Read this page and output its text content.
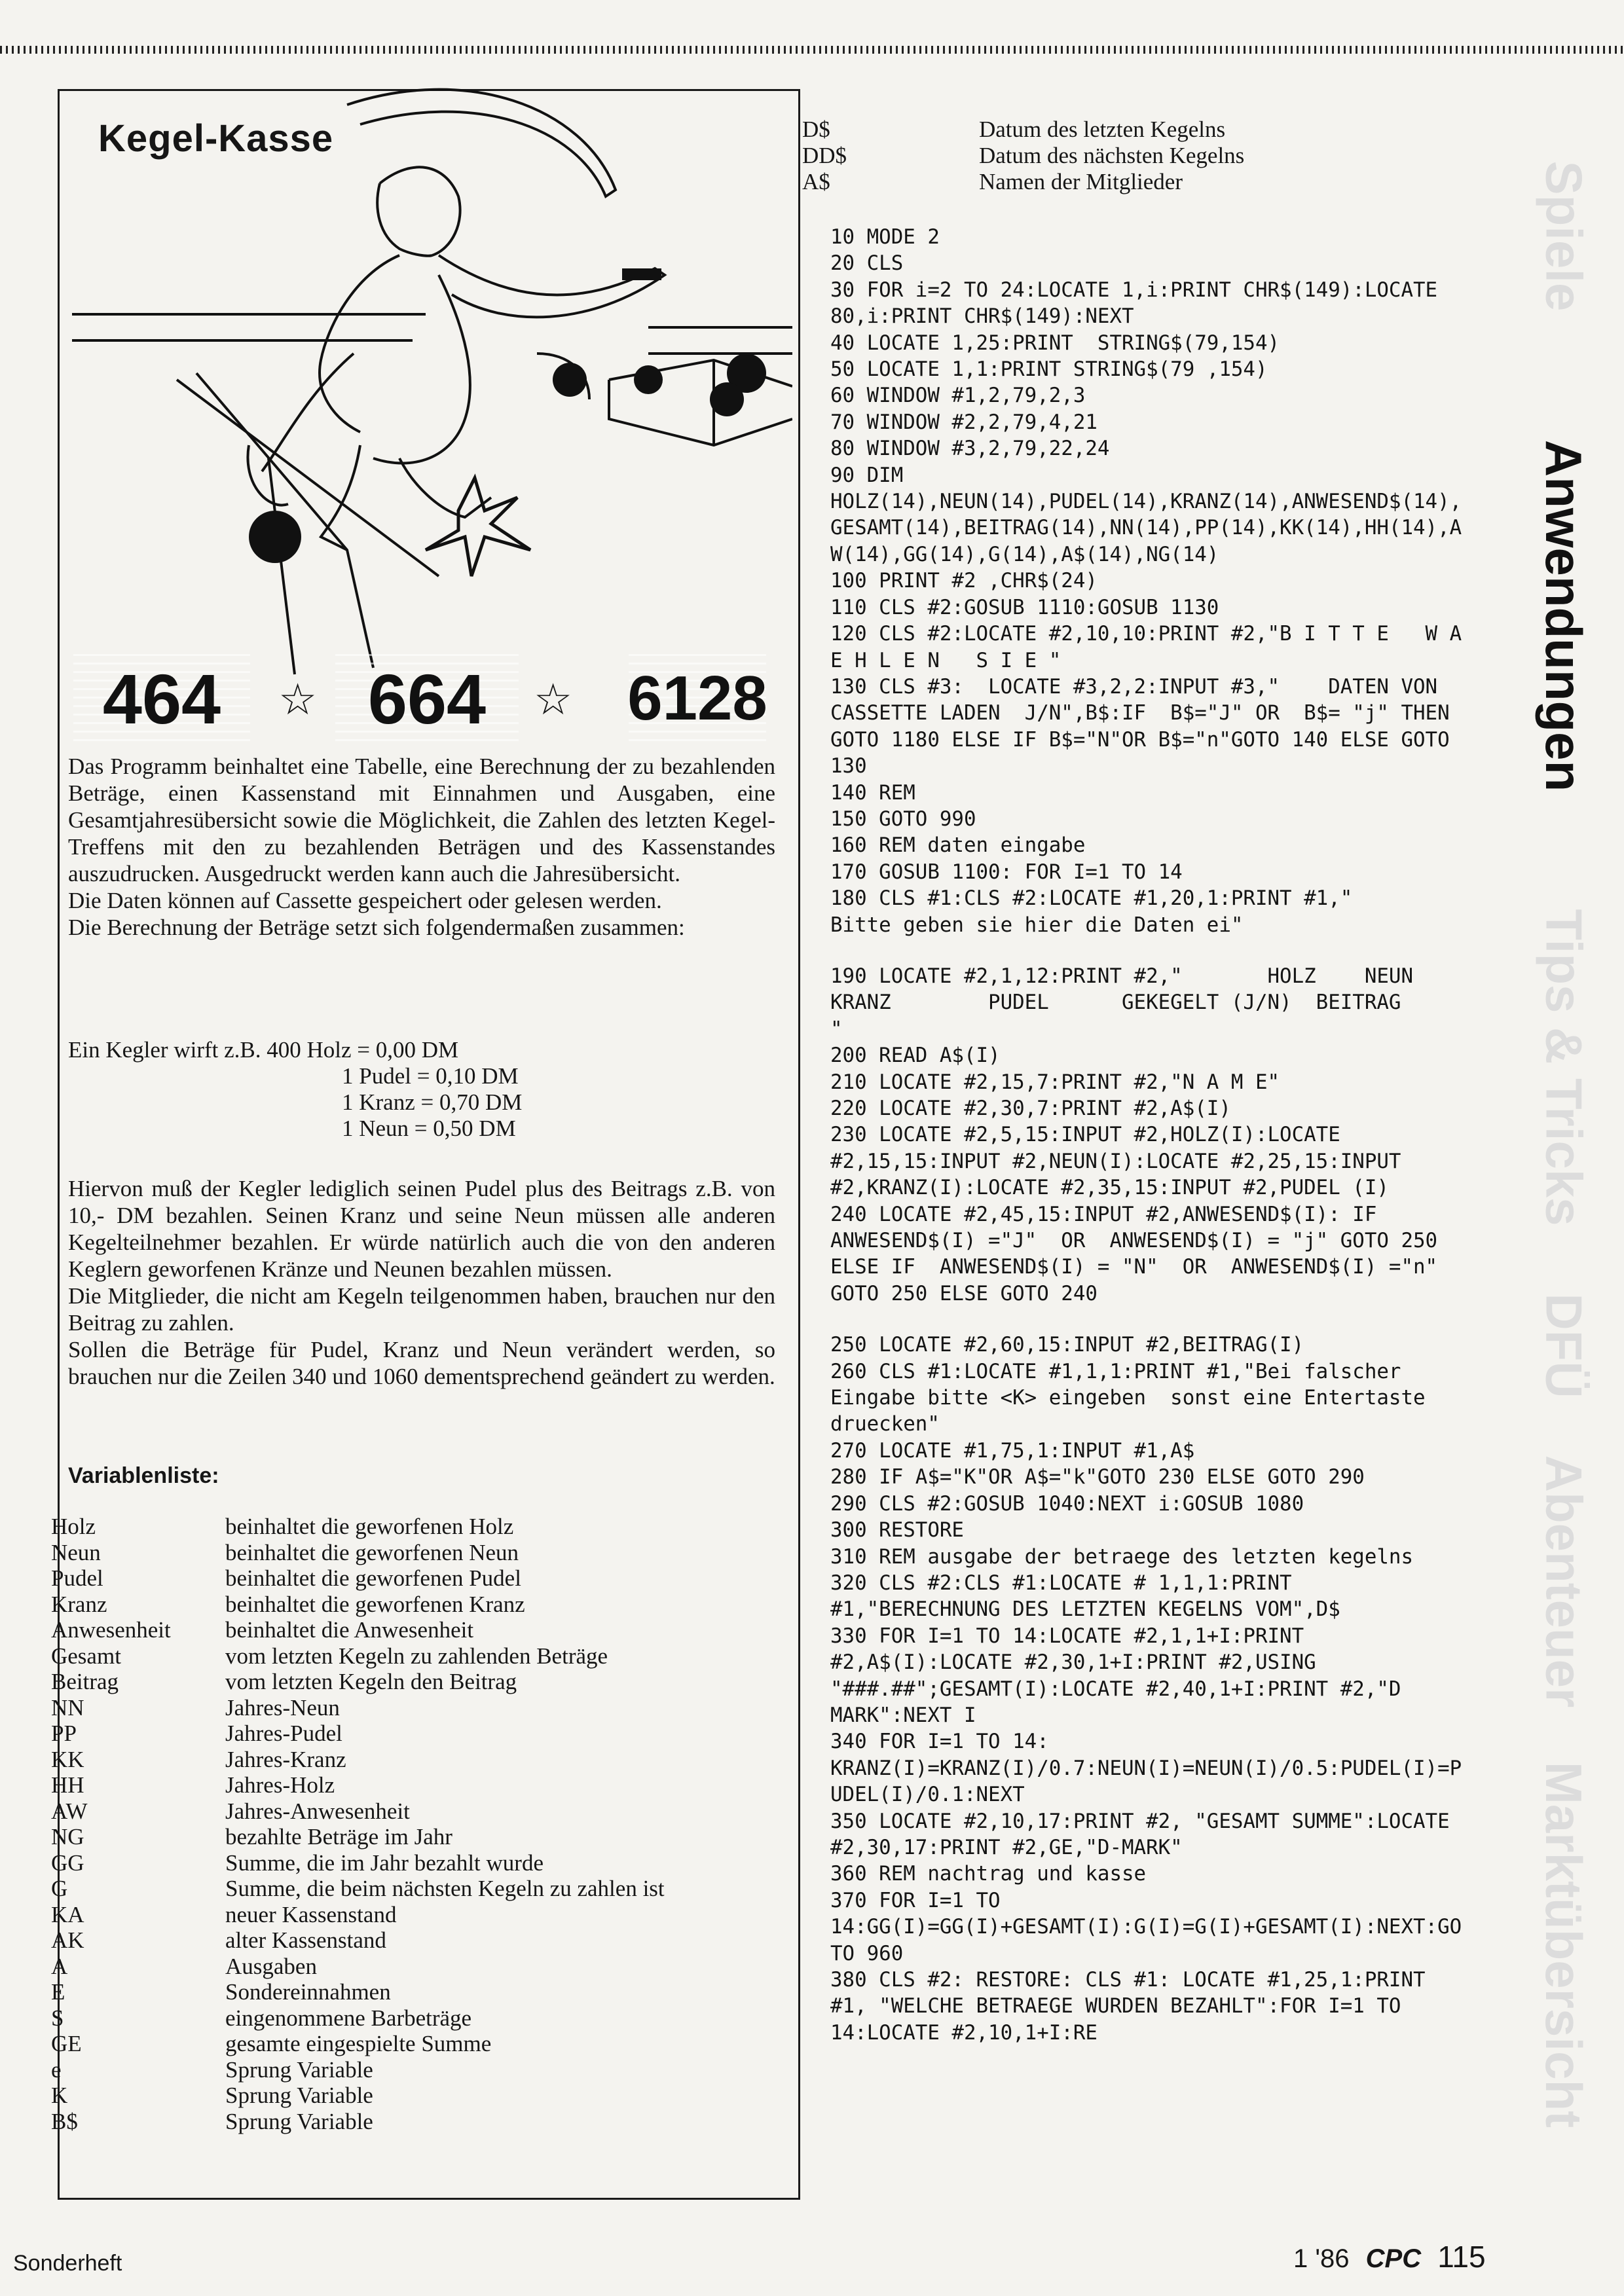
Kegel-Kasse
464	☆ 664	☆ 6128

Das Programm beinhaltet eine Tabelle, eine Berechnung der zu bezahlenden Beträge, einen Kassenstand mit Einnahmen und Ausgaben, eine Gesamtjahresübersicht sowie die Möglichkeit, die Zahlen des letzten Kegel-Treffens mit den zu bezahlenden Beträgen und des Kassenstandes auszudrucken. Ausgedruckt werden kann auch die Jahresübersicht.

Die Daten können auf Cassette gespeichert oder gelesen werden.

Die Berechnung der Beträge setzt sich folgendermaßen zusammen:

Ein Kegler wirft z.B. 400 Holz = 0,00 DM
1 Pudel = 0,10 DM
1 Kranz = 0,70 DM
1 Neun = 0,50 DM

Hiervon muß der Kegler lediglich seinen Pudel plus des Beitrags z.B. von 10,- DM bezahlen. Seinen Kranz und seine Neun müssen alle anderen Kegelteilnehmer bezahlen. Er würde natürlich auch die von den anderen Keglern geworfenen Kränze und Neunen bezahlen müssen.

Die Mitglieder, die nicht am Kegeln teilgenommen haben, brauchen nur den Beitrag zu zahlen.

Sollen die Beträge für Pudel, Kranz und Neun verändert werden, so brauchen nur die Zeilen 340 und 1060 dementsprechend geändert zu werden.

Variablenliste:
Holz	beinhaltet die geworfenen Holz
Neun	beinhaltet die geworfenen Neun
Pudel	beinhaltet die geworfenen Pudel
Kranz	beinhaltet die geworfenen Kranz
Anwesenheit	beinhaltet die Anwesenheit
Gesamt	vom letzten Kegeln zu zahlenden Beträge
Beitrag	vom letzten Kegeln den Beitrag
NN	Jahres-Neun
PP	Jahres-Pudel
KK	Jahres-Kranz
HH	Jahres-Holz
AW	Jahres-Anwesenheit
NG	bezahlte Beträge im Jahr
GG	Summe, die im Jahr bezahlt wurde
G	Summe, die beim nächsten Kegeln zu zahlen ist
KA	neuer Kassenstand
AK	alter Kassenstand
A	Ausgaben
E	Sondereinnahmen
S	eingenommene Barbeträge
GE	gesamte eingespielte Summe
e	Sprung Variable
K	Sprung Variable
B$	Sprung Variable
D$	Datum des letzten Kegelns
DD$	Datum des nächsten Kegelns
A$	Namen der Mitglieder
10 MODE 2
20 CLS
30 FOR i=2 TO 24:LOCATE 1,i:PRINT CHR$(149):LOCATE 80,i:PRINT CHR$(149):NEXT
40 LOCATE 1,25:PRINT  STRING$(79,154)
50 LOCATE 1,1:PRINT STRING$(79 ,154)
60 WINDOW #1,2,79,2,3
70 WINDOW #2,2,79,4,21
80 WINDOW #3,2,79,22,24
90 DIM HOLZ(14),NEUN(14),PUDEL(14),KRANZ(14),ANWESEND$(14),GESAMT(14),BEITRAG(14),NN(14),PP(14),KK(14),HH(14),AW(14),GG(14),G(14),A$(14),NG(14)
100 PRINT #2 ,CHR$(24)
110 CLS #2:GOSUB 1110:GOSUB 1130
120 CLS #2:LOCATE #2,10,10:PRINT #2,"B I T T E   W A E H L E N   S I E "
130 CLS #3:  LOCATE #3,2,2:INPUT #3,"    DATEN VON CASSETTE LADEN  J/N",B$:IF  B$="J" OR  B$= "j" THEN GOTO 1180 ELSE IF B$="N"OR B$="n"GOTO 140 ELSE GOTO 130
140 REM
150 GOTO 990
160 REM daten eingabe
170 GOSUB 1100: FOR I=1 TO 14
180 CLS #1:CLS #2:LOCATE #1,20,1:PRINT #1,"     Bitte geben sie hier die Daten ei"
190 LOCATE #2,1,12:PRINT #2,"       HOLZ    NEUN       KRANZ        PUDEL      GEKEGELT (J/N)  BEITRAG        "
200 READ A$(I)
210 LOCATE #2,15,7:PRINT #2,"N A M E"
220 LOCATE #2,30,7:PRINT #2,A$(I)
230 LOCATE #2,5,15:INPUT #2,HOLZ(I):LOCATE #2,15,15:INPUT #2,NEUN(I):LOCATE #2,25,15:INPUT #2,KRANZ(I):LOCATE #2,35,15:INPUT #2,PUDEL (I)
240 LOCATE #2,45,15:INPUT #2,ANWESEND$(I): IF ANWESEND$(I) ="J"  OR  ANWESEND$(I) = "j" GOTO 250 ELSE IF  ANWESEND$(I) = "N"  OR  ANWESEND$(I) ="n"   GOTO 250 ELSE GOTO 240
250 LOCATE #2,60,15:INPUT #2,BEITRAG(I)
260 CLS #1:LOCATE #1,1,1:PRINT #1,"Bei falscher Eingabe bitte <K> eingeben  sonst eine Entertaste druecken"
270 LOCATE #1,75,1:INPUT #1,A$
280 IF A$="K"OR A$="k"GOTO 230 ELSE GOTO 290
290 CLS #2:GOSUB 1040:NEXT i:GOSUB 1080
300 RESTORE
310 REM ausgabe der betraege des letzten kegelns
320 CLS #2:CLS #1:LOCATE # 1,1,1:PRINT #1,"BERECHNUNG DES LETZTEN KEGELNS VOM",D$
330 FOR I=1 TO 14:LOCATE #2,1,1+I:PRINT #2,A$(I):LOCATE #2,30,1+I:PRINT #2,USING "###.##";GESAMT(I):LOCATE #2,40,1+I:PRINT #2,"D MARK":NEXT I
340 FOR I=1 TO 14: KRANZ(I)=KRANZ(I)/0.7:NEUN(I)=NEUN(I)/0.5:PUDEL(I)=PUDEL(I)/0.1:NEXT
350 LOCATE #2,10,17:PRINT #2, "GESAMT SUMME":LOCATE #2,30,17:PRINT #2,GE,"D-MARK"
360 REM nachtrag und kasse
370 FOR I=1 TO 14:GG(I)=GG(I)+GESAMT(I):G(I)=G(I)+GESAMT(I):NEXT:GOTO 960
380 CLS #2: RESTORE: CLS #1: LOCATE #1,25,1:PRINT #1, "WELCHE BETRAEGE WURDEN BEZAHLT":FOR I=1 TO 14:LOCATE #2,10,1+I:RE
Spiele
Anwendungen
Tips & Tricks
DFÜ
Abenteuer
Marktübersicht
Sonderheft	1 '86 CPC 115
